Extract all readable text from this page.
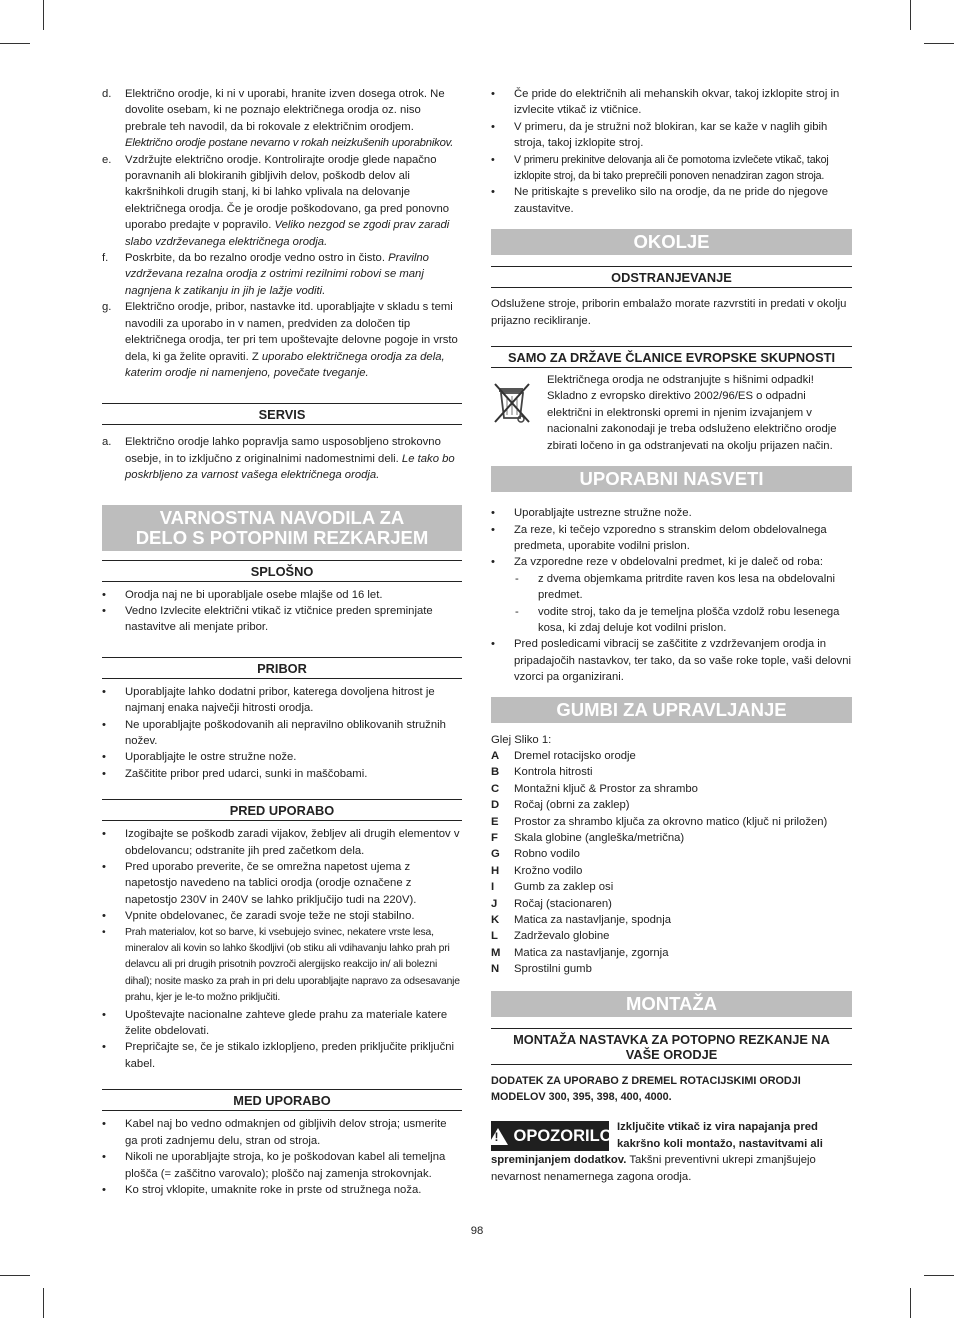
d. Električno orodje, ki ni v uporabi, hranite izven dosega otrok. Ne dovolite osebam, ki ne poznajo električnega orodja oz. niso prebrale teh navodil, da bi rokovale z električnim orodjem. Električno orodje postane nevarno v rokah neizkušenih uporabnikov.
e. Vzdržujte električno orodje. Kontrolirajte orodje glede napačno poravnanih ali blokiranih gibljivih delov, poškodb delov ali kakršnihkoli drugih stanj, ki bi lahko vplivala na delovanje električnega orodja. Če je orodje poškodovano, ga pred ponovno uporabo predajte v popravilo. Veliko nezgod se zgodi prav zaradi slabo vzdrževanega električnega orodja.
f. Poskrbite, da bo rezalno orodje vedno ostro in čisto. Pravilno vzdrževana rezalna orodja z ostrimi rezilnimi robovi se manj nagnjena k zatikanju in jih je lažje voditi.
g. Električno orodje, pribor, nastavke itd. uporabljajte v skladu s temi navodili za uporabo in v namen, predviden za določen tip električnega orodja, ter pri tem upoštevajte delovne pogoje in vrsto dela, ki ga želite opraviti. Z uporabo električnega orodja za dela, katerim orodje ni namenjeno, povečate tveganje.
SERVIS
a. Električno orodje lahko popravlja samo usposobljeno strokovno osebje, in to izključno z originalnimi nadomestnimi deli. Le tako bo poskrbljeno za varnost vašega električnega orodja.
VARNOSTNA NAVODILA ZA DELO S POTOPNIM REZKARJEM
SPLOŠNO
• Orodja naj ne bi uporabljale osebe mlajše od 16 let.
• Vedno Izvlecite električni vtikač iz vtičnice preden spreminjate nastavitve ali menjate pribor.
PRIBOR
• Uporabljajte lahko dodatni pribor, katerega dovoljena hitrost je najmanj enaka največji hitrosti orodja.
• Ne uporabljajte poškodovanih ali nepravilno oblikovanih stružnih nožev.
• Uporabljajte le ostre stružne nože.
• Zaščitite pribor pred udarci, sunki in maščobami.
PRED UPORABO
• Izogibajte se poškodb zaradi vijakov, žebljev ali drugih elementov v obdelovancu; odstranite jih pred začetkom dela.
• Pred uporabo preverite, če se omrežna napetost ujema z napetostjo navedeno na tablici orodja (orodje označene z napetostjo 230V in 240V se lahko priključijo tudi na 220V).
• Vpnite obdelovanec, če zaradi svoje teže ne stoji stabilno.
• Prah materialov, kot so barve, ki vsebujejo svinec, nekatere vrste lesa, mineralov ali kovin so lahko škodljivi (ob stiku ali vdihavanju lahko prah pri delavcu ali pri drugih prisotnih povzroči alergijsko reakcijo in/ ali bolezni dihal); nosite masko za prah in pri delu uporabljajte napravo za odsesavanje prahu, kjer je le-to možno priključiti.
• Upoštevajte nacionalne zahteve glede prahu za materiale katere želite obdelovati.
• Prepričajte se, če je stikalo izklopljeno, preden priključite priključni kabel.
MED UPORABO
• Kabel naj bo vedno odmaknjen od gibljivih delov stroja; usmerite ga proti zadnjemu delu, stran od stroja.
• Nikoli ne uporabljajte stroja, ko je poškodovan kabel ali temeljna plošča (= zaščitno varovalo); ploščo naj zamenja strokovnjak.
• Ko stroj vklopite, umaknite roke in prste od stružnega noža.
• Če pride do električnih ali mehanskih okvar, takoj izklopite stroj in izvlecite vtikač iz vtičnice.
• V primeru, da je stružni nož blokiran, kar se kaže v naglih gibih stroja, takoj izklopite stroj.
• V primeru prekinitve delovanja ali če pomotoma izvlečete vtikač, takoj izklopite stroj, da bi tako preprečili ponoven nenadziran zagon stroja.
• Ne pritiskajte s preveliko silo na orodje, da ne pride do njegove zaustavitve.
OKOLJE
ODSTRANJEVANJE
Odslužene stroje, priborin embalažo morate razvrstiti in predati v okolju prijazno recikliranje.
SAMO ZA DRŽAVE ČLANICE EVROPSKE SKUPNOSTI
Električnega orodja ne odstranjujte s hišnimi odpadki! Skladno z evropsko direktivo 2002/96/ES o odpadni električni in elektronski opremi in njenim izvajanjem v nacionalni zakonodaji je treba odsluženo električno orodje zbirati ločeno in ga odstranjevati na okolju prijazen način.
UPORABNI NASVETI
• Uporabljajte ustrezne stružne nože.
• Za reze, ki tečejo vzporedno s stranskim delom obdelovalnega predmeta, uporabite vodilni prislon.
• Za vzporedne reze v obdelovalni predmet, ki je daleč od roba:
- z dvema objemkama pritrdite raven kos lesa na obdelovalni predmet.
- vodite stroj, tako da je temeljna plošča vzdolž robu lesenega kosa, ki zdaj deluje kot vodilni prislon.
• Pred posledicami vibracij se zaščitite z vzdrževanjem orodja in pripadajočih nastavkov, ter tako, da so vaše roke tople, vaši delovni vzorci pa organizirani.
GUMBI ZA UPRAVLJANJE
Glej Sliko 1:
A Dremel rotacijsko orodje
B Kontrola hitrosti
C Montažni ključ & Prostor za shrambo
D Ročaj (obrni za zaklep)
E Prostor za shrambo ključa za okrovno matico (ključ ni priložen)
F Skala globine (angleška/metrična)
G Robno vodilo
H Krožno vodilo
I Gumb za zaklep osi
J Ročaj (stacionaren)
K Matica za nastavljanje, spodnja
L Zadrževalo globine
M Matica za nastavljanje, zgornja
N Sprostilni gumb
MONTAŽA
MONTAŽA NASTAVKA ZA POTOPNO REZKANJE NA VAŠE ORODJE
DODATEK ZA UPORABO Z DREMEL ROTACIJSKIMI ORODJI MODELOV 300, 395, 398, 400, 4000.
!
OPOZORILO Izključite vtikač iz vira napajanja pred kakršno koli montažo, nastavitvami ali spreminjanjem dodatkov. Takšni preventivni ukrepi zmanjšujejo nevarnost nenamernega zagona orodja.
98
